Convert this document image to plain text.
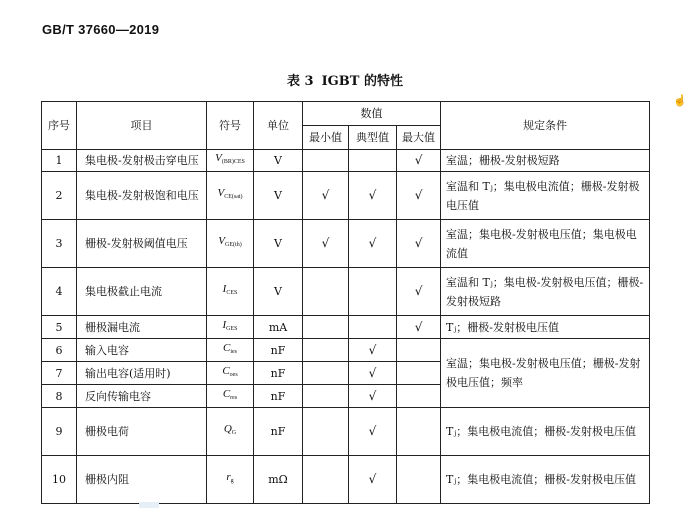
GB/T 37660—2019
表 3 IGBT 的特性
序号	项目	符号	单位	数值			规定条件
☝

				最小值	典型值	最大值	
1	集电极-发射极击穿电压	$V_{(BR)CES}$	V			√	室温；栅极-发射极短路
2	集电极-发射极饱和电压	$V_{CE(sat)}$	V	√	√	√	室温和 Tⱼ；集电极电流值；栅极-发射极电压值
3	栅极-发射极阈值电压	$V_{GE(th)}$	V	√	√	√	室温；集电极-发射极电压值；集电极电流值
4	集电极截止电流	$I_{CES}$	V			√	室温和 Tⱼ；集电极-发射极电压值；栅极-发射极短路
5	栅极漏电流	$I_{GES}$	mA			√	Tⱼ；栅极-发射极电压值
6	输入电容	$C_{ies}$	nF		√		室温；集电极-发射极电压值；栅极-发射极电压值；频率
7	输出电容(适用时)	$C_{oes}$	nF		√		
8	反向传输电容	$C_{res}$	nF		√		
9	栅极电荷	$Q_G$	nF		√		Tⱼ；集电极电流值；栅极-发射极电压值
10	栅极内阻	$r_g$	mΩ		√		Tⱼ；集电极电流值；栅极-发射极电压值
